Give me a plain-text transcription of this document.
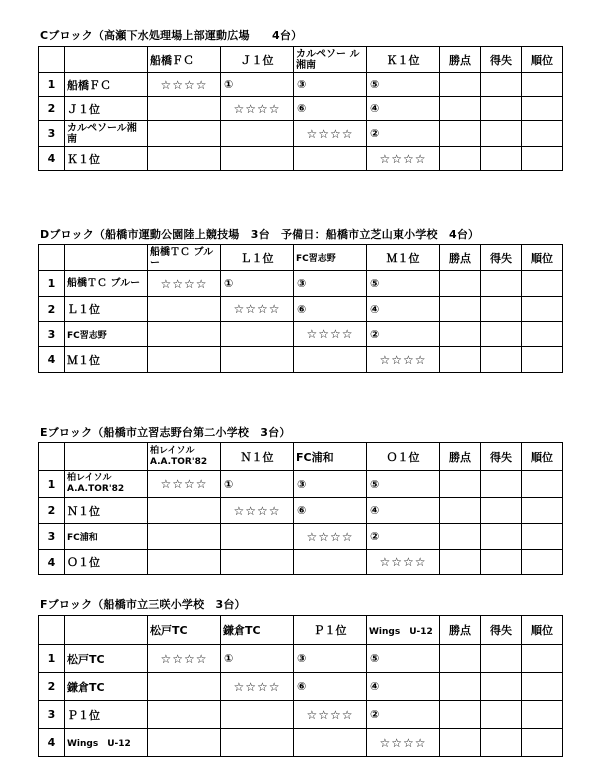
Cブロック（高瀬下水処理場上部運動広場　　4台）
		船橋ＦＣ	Ｊ１位	カルペソー ル湘南	Ｋ１位	勝点	得失	順位
1	船橋ＦＣ	☆☆☆☆	①	③	⑤			
2	Ｊ１位		☆☆☆☆	⑥	④			
3	カルペソール湘南			☆☆☆☆	②			
4	Ｋ１位				☆☆☆☆			
Dブロック（船橋市運動公園陸上競技場　3台　予備日：船橋市立芝山東小学校　4台）
		船橋ＴＣ ブルー	Ｌ１位	FC習志野	Ｍ１位	勝点	得失	順位
1	船橋ＴＣ ブルー	☆☆☆☆	①	③	⑤			
2	Ｌ１位		☆☆☆☆	⑥	④			
3	FC習志野			☆☆☆☆	②			
4	Ｍ１位				☆☆☆☆			
Eブロック（船橋市立習志野台第二小学校　3台）
		柏レイソル A.A.TOR'82	Ｎ１位	FC浦和	Ｏ１位	勝点	得失	順位
1	柏レイソル A.A.TOR'82	☆☆☆☆	①	③	⑤			
2	Ｎ１位		☆☆☆☆	⑥	④			
3	FC浦和			☆☆☆☆	②			
4	Ｏ１位				☆☆☆☆			
Fブロック（船橋市立三咲小学校　3台）
		松戸TC	鎌倉TC	Ｐ１位	Wings　U-12	勝点	得失	順位
1	松戸TC	☆☆☆☆	①	③	⑤			
2	鎌倉TC		☆☆☆☆	⑥	④			
3	Ｐ１位			☆☆☆☆	②			
4	Wings　U-12				☆☆☆☆			
